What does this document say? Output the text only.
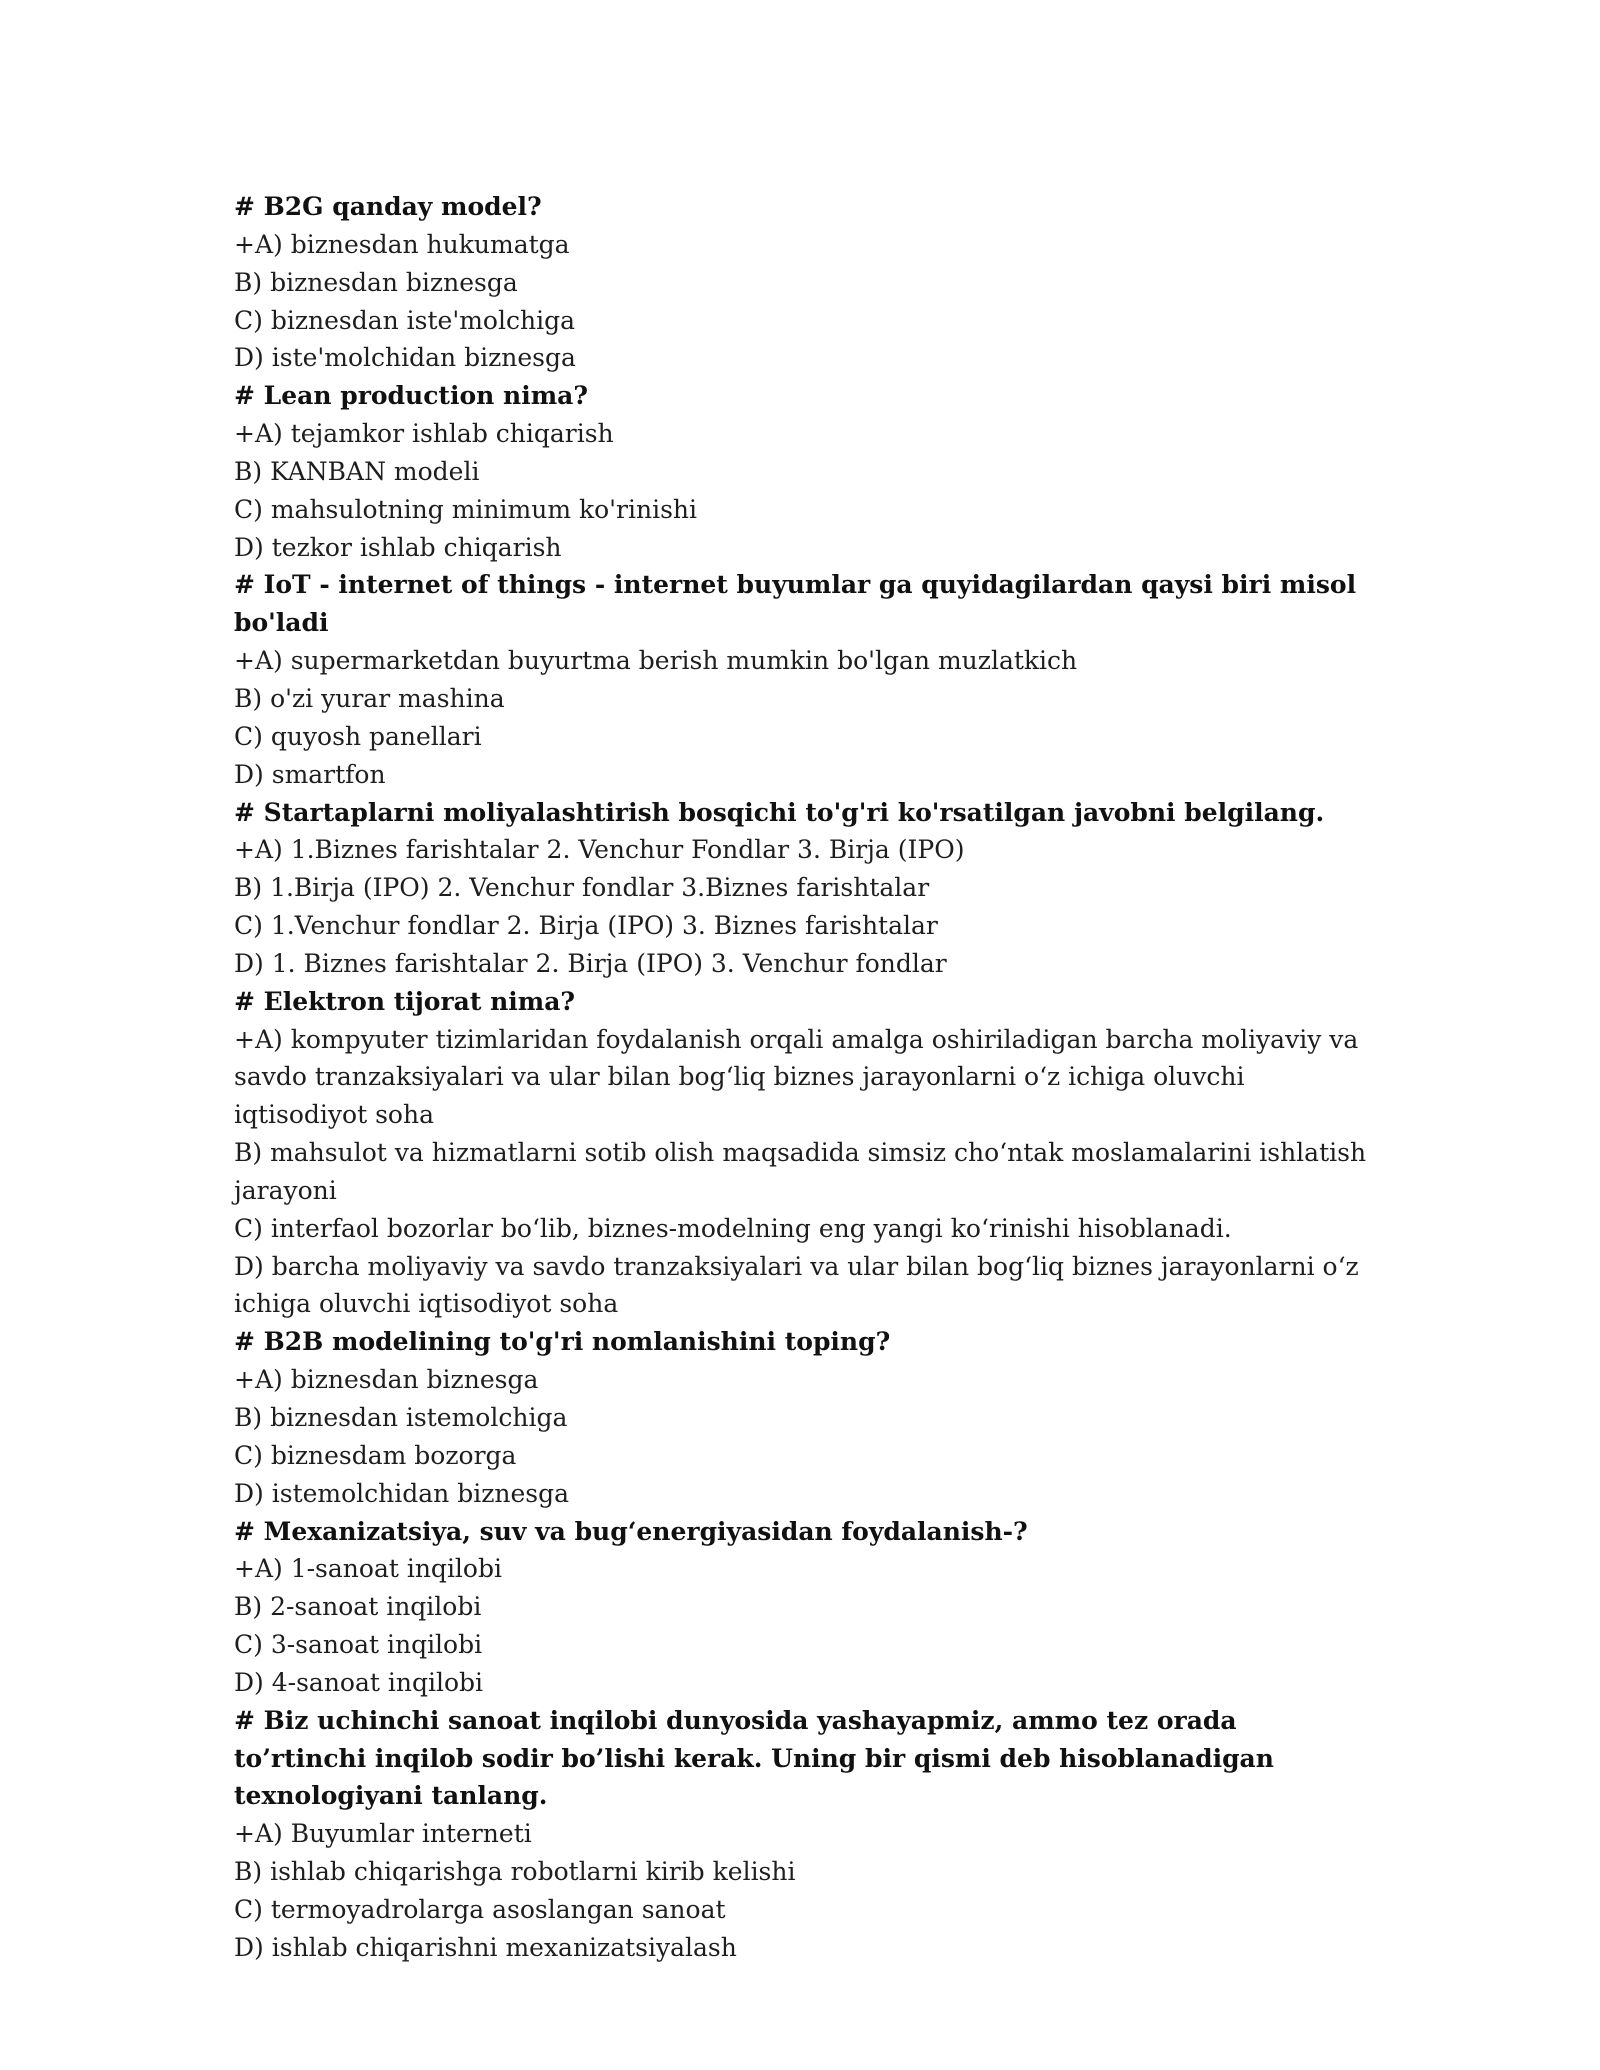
# B2G qanday model?

+A) biznesdan hukumatga

B) biznesdan biznesga

C) biznesdan iste'molchiga

D) iste'molchidan biznesga

# Lean production nima?

+A) tejamkor ishlab chiqarish

B) KANBAN modeli

C) mahsulotning minimum ko'rinishi

D) tezkor ishlab chiqarish

# IoT - internet of things - internet buyumlar ga quyidagilardan qaysi biri misol bo'ladi

+A) supermarketdan buyurtma berish mumkin bo'lgan muzlatkich

B) o'zi yurar mashina

C) quyosh panellari

D) smartfon

# Startaplarni moliyalashtirish bosqichi to'g'ri ko'rsatilgan javobni belgilang.

+A) 1.Biznes farishtalar 2. Venchur Fondlar 3. Birja (IPO)

B) 1.Birja (IPO) 2. Venchur fondlar 3.Biznes farishtalar

C) 1.Venchur fondlar 2. Birja (IPO) 3. Biznes farishtalar

D) 1. Biznes farishtalar 2. Birja (IPO) 3. Venchur fondlar

# Elektron tijorat nima?

+A) kompyuter tizimlaridan foydalanish orqali amalga oshiriladigan barcha moliyaviy va savdo tranzaksiyalari va ular bilan bog‘liq biznes jarayonlarni o‘z ichiga oluvchi iqtisodiyot soha

B) mahsulot va hizmatlarni sotib olish maqsadida simsiz cho‘ntak moslamalarini ishlatish jarayoni

C) interfaol bozorlar bo‘lib, biznes-modelning eng yangi ko‘rinishi hisoblanadi.

D) barcha moliyaviy va savdo tranzaksiyalari va ular bilan bog‘liq biznes jarayonlarni o‘z ichiga oluvchi iqtisodiyot soha

# B2B modelining to'g'ri nomlanishini toping?

+A) biznesdan biznesga

B) biznesdan istemolchiga

C) biznesdam bozorga

D) istemolchidan biznesga

# Mexanizatsiya, suv va bug‘energiyasidan foydalanish-?

+A) 1-sanoat inqilobi

B) 2-sanoat inqilobi

C) 3-sanoat inqilobi

D) 4-sanoat inqilobi

# Biz uchinchi sanoat inqilobi dunyosida yashayapmiz, ammo tez orada to’rtinchi inqilob sodir bo’lishi kerak. Uning bir qismi deb hisoblanadigan texnologiyani tanlang.

+A) Buyumlar interneti

B) ishlab chiqarishga robotlarni kirib kelishi

C) termoyadrolarga asoslangan sanoat

D) ishlab chiqarishni mexanizatsiyalash
